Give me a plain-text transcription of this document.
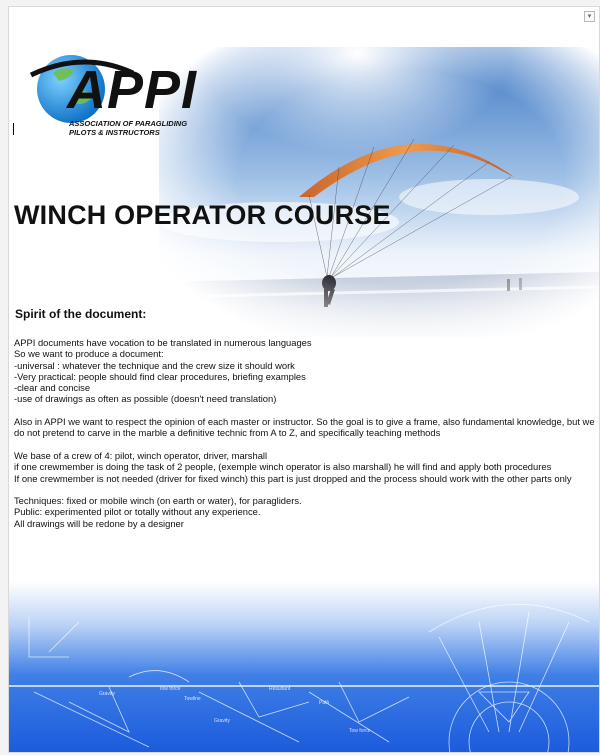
▾
APPI
ASSOCIATION OF PARAGLIDING
PILOTS & INSTRUCTORS
WINCH OPERATOR COURSE
Spirit of the document:

APPI documents have vocation to be translated in numerous languages
So we want to produce a document:
-universal : whatever the technique and the crew size it should work
-Very practical: people should find clear procedures, briefing examples
-clear and concise
-use of drawings as often as possible (doesn't need translation)

Also in APPI we want to respect the opinion of each master or instructor. So the goal is to give a frame, also fundamental knowledge, but we do not pretend to carve in the marble a definitive technic from A to Z, and specifically teaching methods

We base of a crew of 4: pilot, winch operator, driver, marshall
if one crewmember is doing the task of 2 people, (exemple winch operator is also marshall) he will find and apply both procedures
If one crewmember is not needed (driver for fixed winch) this part is just dropped and the process should work with the other parts only

Techniques: fixed or mobile winch (on earth or water), for paragliders.
Public: experimented pilot or totally without any experience.
All drawings will be redone by a designer

Gravity
Tow force
Towline
Resultant
Path
Gravity
Tow force
